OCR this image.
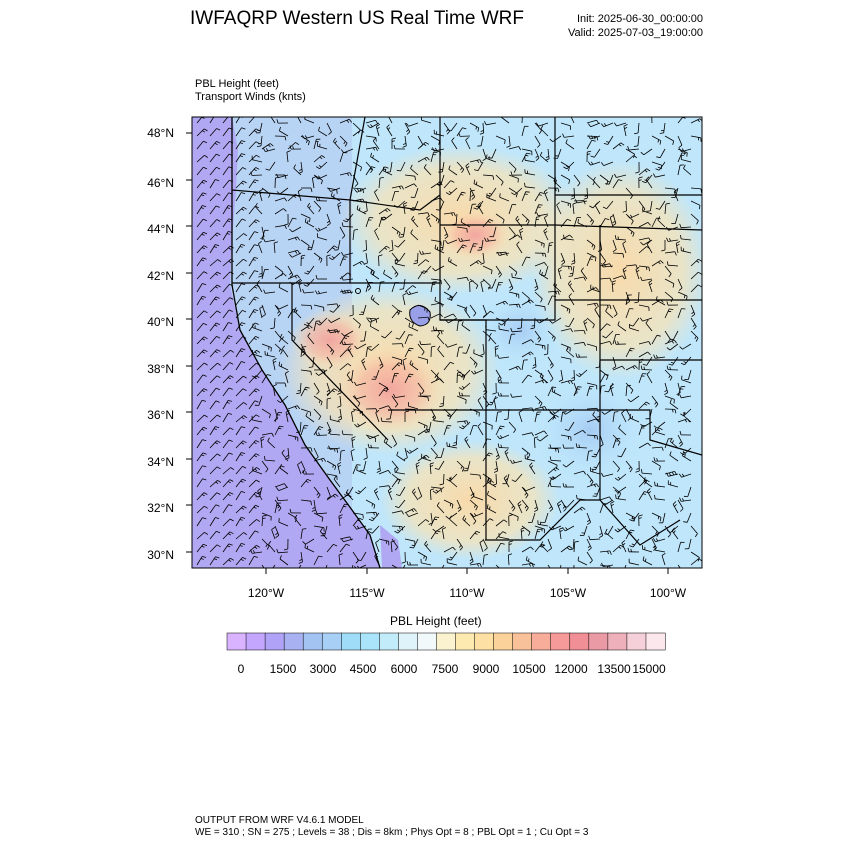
IWFAQRP Western US Real Time WRF	Init: 2025-06-30_00:00:00
Valid: 2025-07-03_19:00:00
PBL Height (feet)
Transport Winds (knts)
48°N
46°N
44°N
42°N
40°N
38°N
36°N
34°N
32°N
30°N
120°W	115°W	110°W	105°W	100°W
PBL Height (feet)
0	1500	3000	4500	6000	7500	9000	10500 12000 13500 15000
OUTPUT FROM WRF V4.6.1 MODEL
WE = 310 ; SN = 275 ; Levels = 38 ; Dis = 8km ; Phys Opt = 8 ; PBL Opt = 1 ; Cu Opt = 3
